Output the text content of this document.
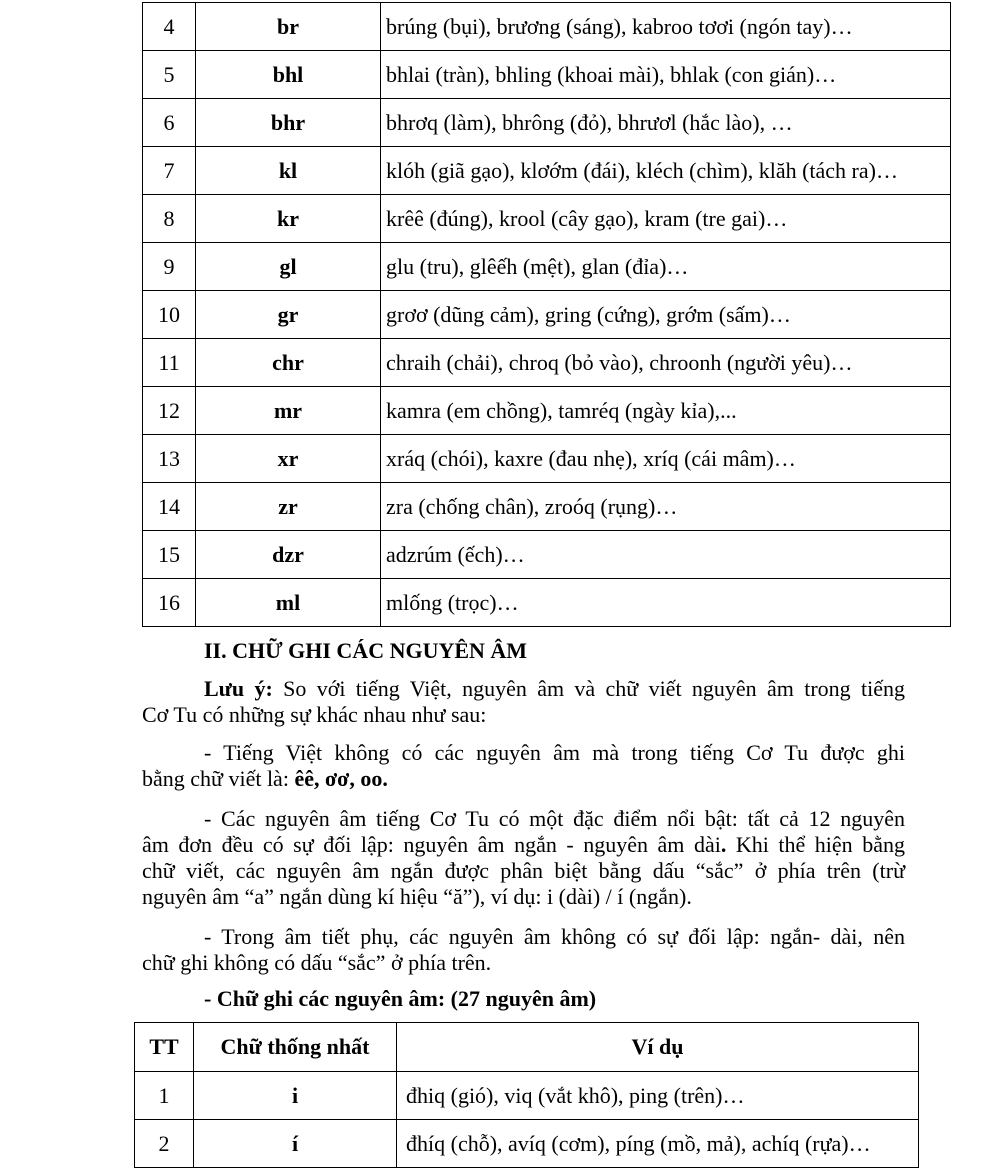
4	br	brúng (bụi), brương (sáng), kabroo tơơi (ngón tay)…
5	bhl	bhlai (tràn), bhling (khoai mài), bhlak (con gián)…
6	bhr	bhrơq (làm), bhrông (đỏ), bhrươl (hắc lào), …
7	kl	klóh (giã gạo), klơớm (đái), kléch (chìm), klăh (tách ra)…
8	kr	krêê (đúng), krool (cây gạo), kram (tre gai)…
9	gl	glu (tru), glêếh (mệt), glan (đỉa)…
10	gr	grơơ (dũng cảm), gring (cứng), grớm (sấm)…
11	chr	chraih (chải), chroq (bỏ vào), chroonh (người yêu)…
12	mr	kamra (em chồng), tamréq (ngày kỉa),...
13	xr	xráq (chói), kaxre (đau nhẹ), xríq (cái mâm)…
14	zr	zra (chống chân), zroóq (rụng)…
15	dzr	adzrúm (ếch)…
16	ml	mlống (trọc)…
II. CHỮ GHI CÁC NGUYÊN ÂM
Lưu ý: So với tiếng Việt, nguyên âm và chữ viết nguyên âm trong tiếng
Cơ Tu có những sự khác nhau như sau:
- Tiếng Việt không có các nguyên âm mà trong tiếng Cơ Tu được ghi
bằng chữ viết là: êê, ơơ, oo.
- Các nguyên âm tiếng Cơ Tu có một đặc điểm nổi bật: tất cả 12 nguyên
âm đơn đều có sự đối lập: nguyên âm ngắn - nguyên âm dài. Khi thể hiện bằng
chữ viết, các nguyên âm ngắn được phân biệt bằng dấu “sắc” ở phía trên (trừ
nguyên âm “a” ngắn dùng kí hiệu “ă”), ví dụ: i (dài) / í (ngắn).
- Trong âm tiết phụ, các nguyên âm không có sự đối lập: ngắn- dài, nên
chữ ghi không có dấu “sắc” ở phía trên.
- Chữ ghi các nguyên âm: (27 nguyên âm)
TT	Chữ thống nhất	Ví dụ
1	i	đhiq (gió), viq (vắt khô), ping (trên)…
2	í	đhíq (chỗ), avíq (cơm), píng (mồ, mả), achíq (rựa)…
